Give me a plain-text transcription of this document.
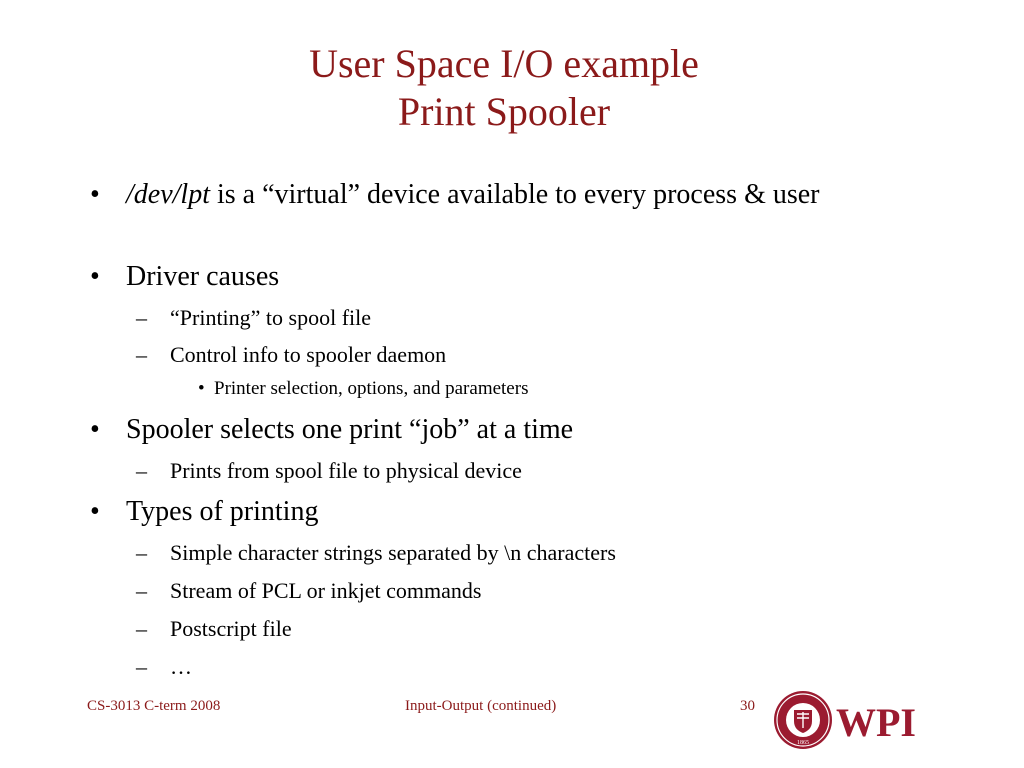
User Space I/O example
Print Spooler
• /dev/lpt is a “virtual” device available to every process & user
• Driver causes
– “Printing” to spool file
– Control info to spooler daemon
• Printer selection, options, and parameters
• Spooler selects one print “job” at a time
– Prints from spool file to physical device
• Types of printing
– Simple character strings separated by \n characters
– Stream of PCL or inkjet commands
– Postscript file
– …
CS-3013 C-term 2008	Input-Output (continued)	30
1865 WPI
